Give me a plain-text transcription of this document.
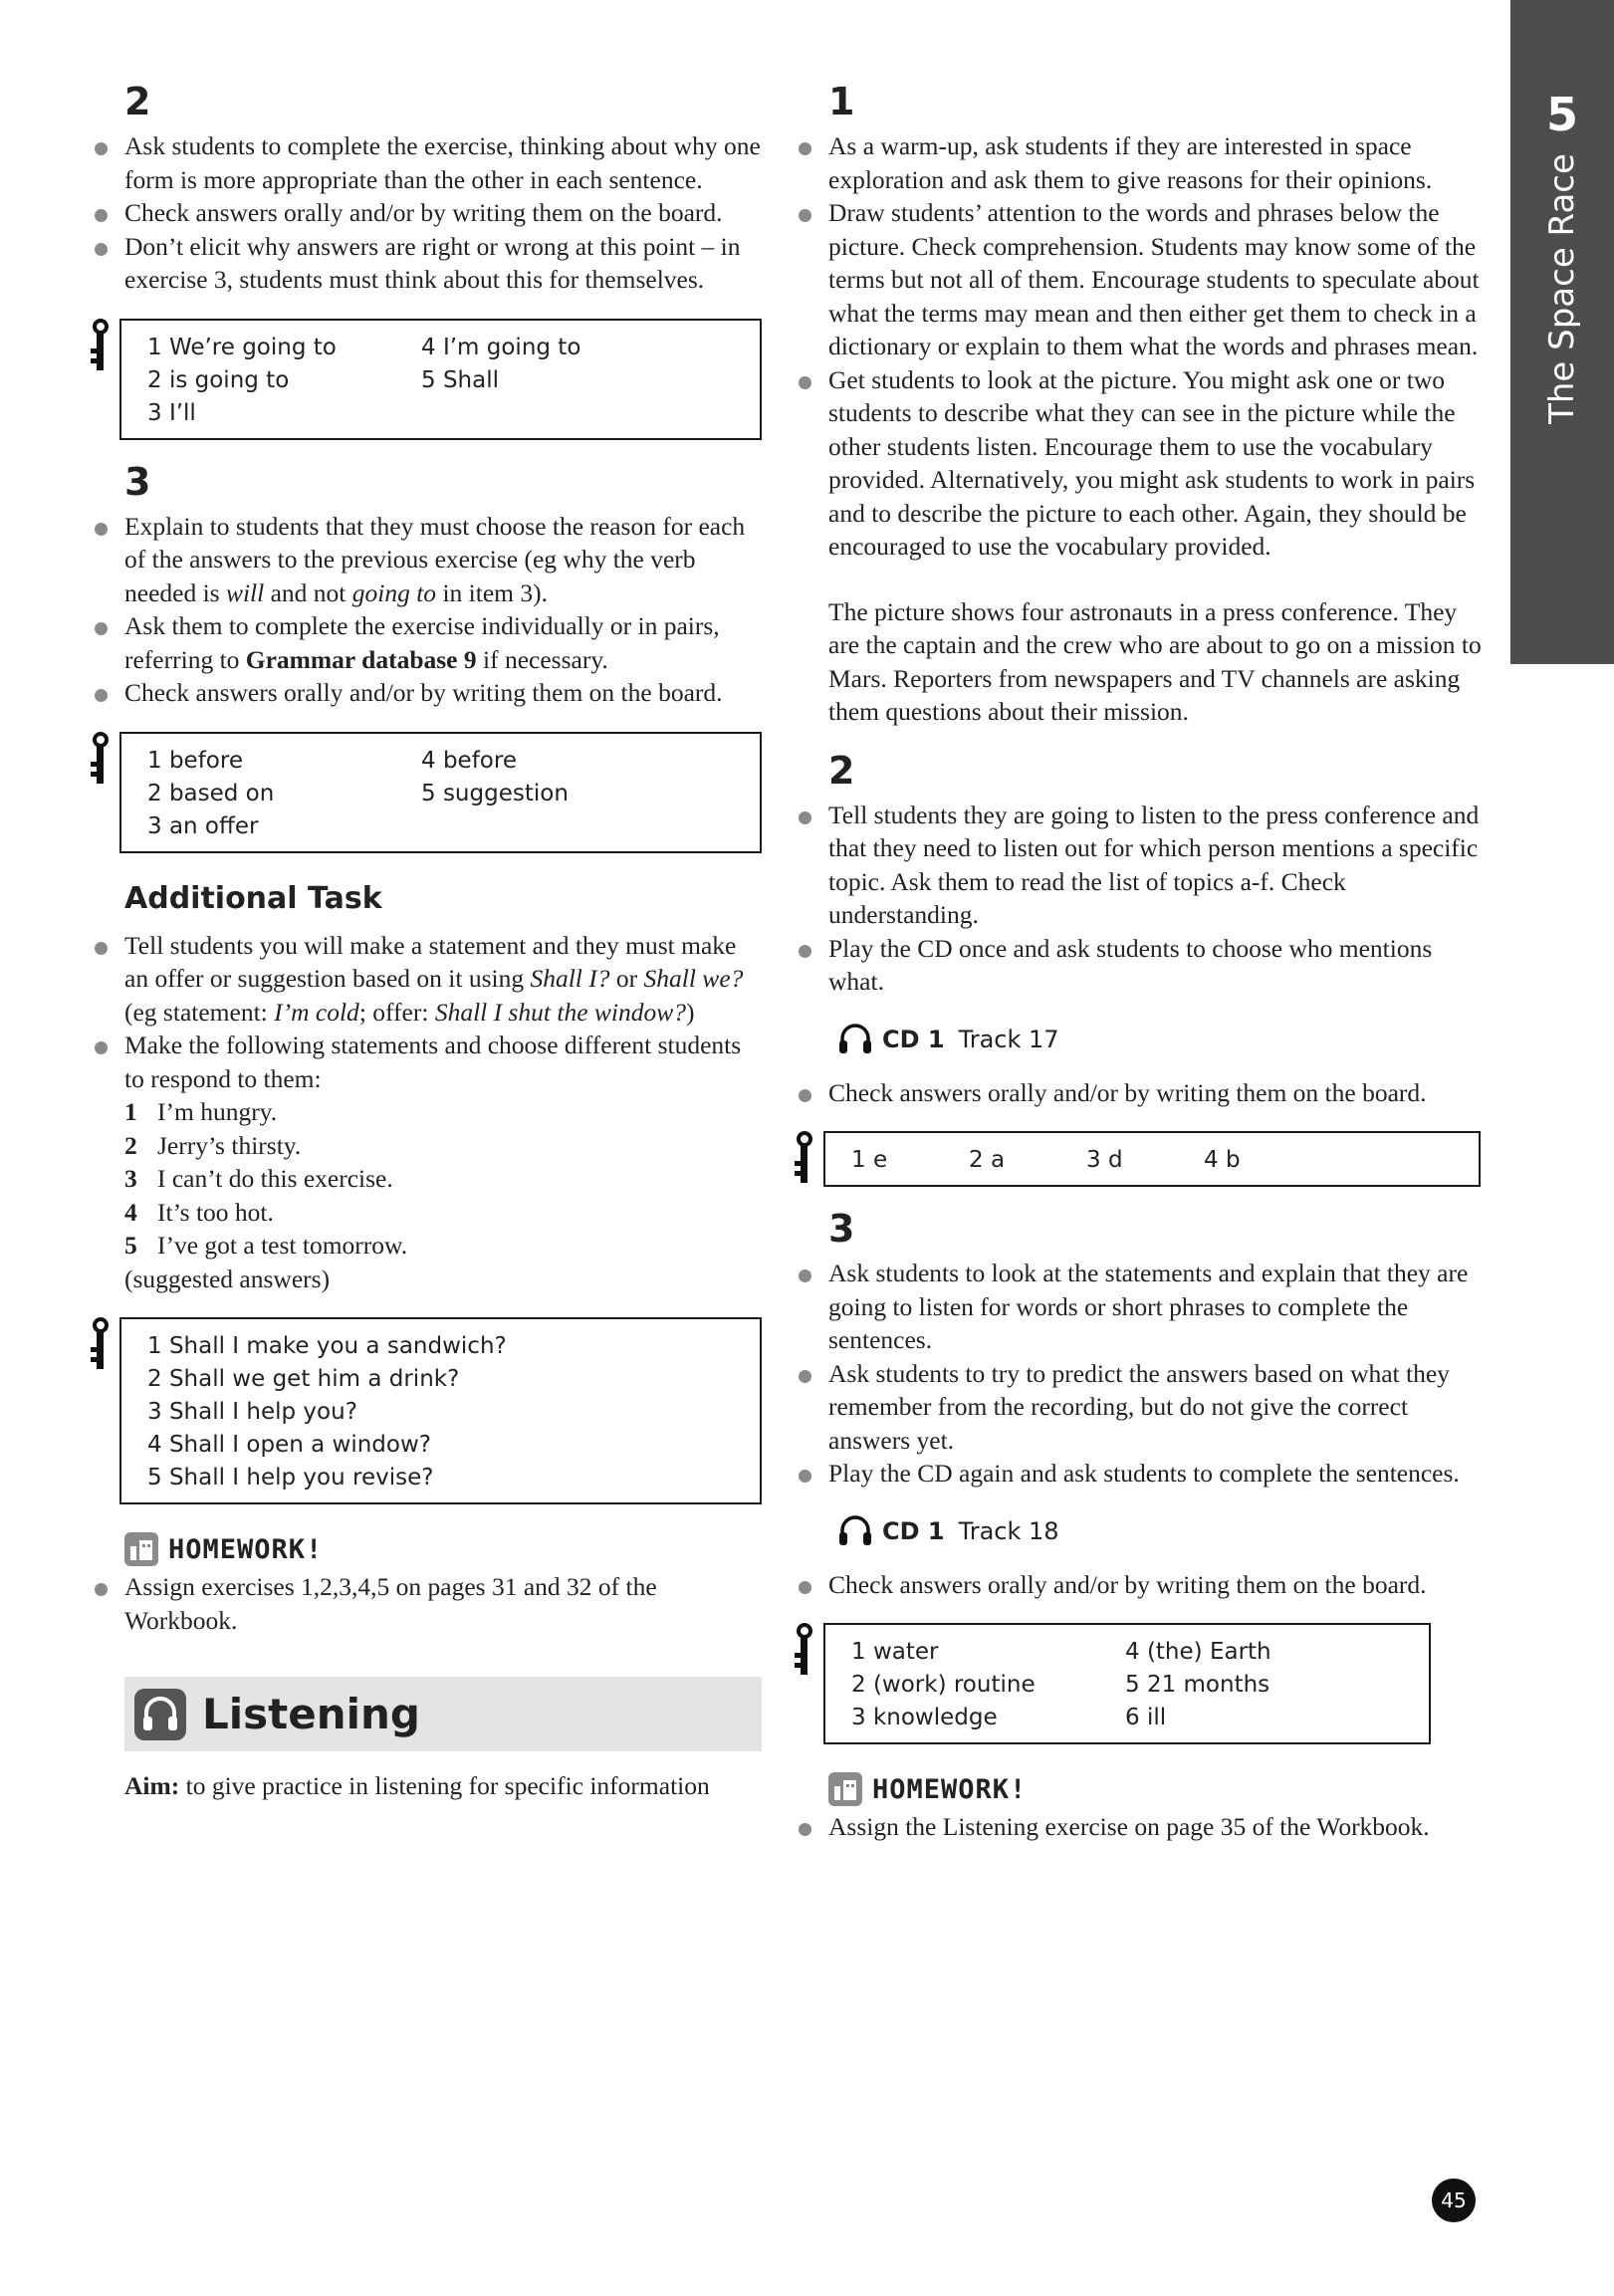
5
The Space Race
2
Ask students to complete the exercise, thinking about why one form is more appropriate than the other in each sentence.
Check answers orally and/or by writing them on the board.
Don’t elicit why answers are right or wrong at this point – in exercise 3, students must think about this for themselves.
1 We’re going to	4 I’m going to
2 is going to	5 Shall
3 I’ll
3
Explain to students that they must choose the reason for each of the answers to the previous exercise (eg why the verb needed is will and not going to in item 3).
Ask them to complete the exercise individually or in pairs, referring to Grammar database 9 if necessary.
Check answers orally and/or by writing them on the board.
1 before	4 before
2 based on	5 suggestion
3 an offer
Additional Task
Tell students you will make a statement and they must make an offer or suggestion based on it using Shall I? or Shall we? (eg statement: I’m cold; offer: Shall I shut the window?)
Make the following statements and choose different students to respond to them:
1 I’m hungry.
2 Jerry’s thirsty.
3 I can’t do this exercise.
4 It’s too hot.
5 I’ve got a test tomorrow.

(suggested answers)

1 Shall I make you a sandwich?
2 Shall we get him a drink?
3 Shall I help you?
4 Shall I open a window?
5 Shall I help you revise?
HOMEWORK!
Assign exercises 1,2,3,4,5 on pages 31 and 32 of the Workbook.
Listening

Aim: to give practice in listening for specific information

1
As a warm-up, ask students if they are interested in space exploration and ask them to give reasons for their opinions.
Draw students’ attention to the words and phrases below the picture. Check comprehension. Students may know some of the terms but not all of them. Encourage students to speculate about what the terms may mean and then either get them to check in a dictionary or explain to them what the words and phrases mean.
Get students to look at the picture. You might ask one or two students to describe what they can see in the picture while the other students listen. Encourage them to use the vocabulary provided. Alternatively, you might ask students to work in pairs and to describe the picture to each other. Again, they should be encouraged to use the vocabulary provided.

The picture shows four astronauts in a press conference. They are the captain and the crew who are about to go on a mission to Mars. Reporters from newspapers and TV channels are asking them questions about their mission.

2
Tell students they are going to listen to the press conference and that they need to listen out for which person mentions a specific topic. Ask them to read the list of topics a-f. Check understanding.
Play the CD once and ask students to choose who mentions what.
CD 1 Track 17
Check answers orally and/or by writing them on the board.
1 e	2 a	3 d	4 b
3
Ask students to look at the statements and explain that they are going to listen for words or short phrases to complete the sentences.
Ask students to try to predict the answers based on what they remember from the recording, but do not give the correct answers yet.
Play the CD again and ask students to complete the sentences.
CD 1 Track 18
Check answers orally and/or by writing them on the board.
1 water	4 (the) Earth
2 (work) routine	5 21 months
3 knowledge	6 ill
HOMEWORK!
Assign the Listening exercise on page 35 of the Workbook.
45
